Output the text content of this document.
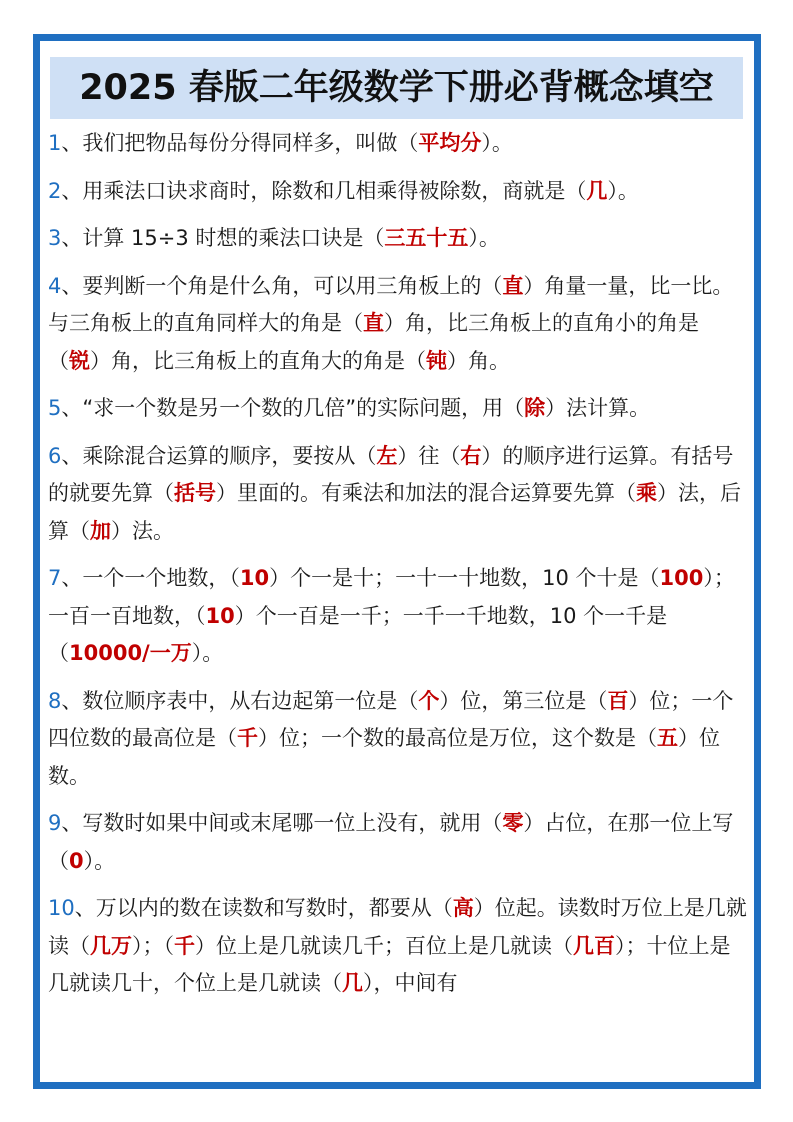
2025 春版二年级数学下册必背概念填空
1、我们把物品每份分得同样多，叫做（平均分）。
2、用乘法口诀求商时，除数和几相乘得被除数，商就是（几）。
3、计算 15÷3 时想的乘法口诀是（三五十五）。
4、要判断一个角是什么角，可以用三角板上的（直）角量一量，比一比。与三角板上的直角同样大的角是（直）角，比三角板上的直角小的角是（锐）角，比三角板上的直角大的角是（钝）角。
5、“求一个数是另一个数的几倍”的实际问题，用（除）法计算。
6、乘除混合运算的顺序，要按从（左）往（右）的顺序进行运算。有括号的就要先算（括号）里面的。有乘法和加法的混合运算要先算（乘）法，后算（加）法。
7、一个一个地数，（10）个一是十；一十一十地数，10 个十是（100）；一百一百地数，（10）个一百是一千；一千一千地数，10 个一千是（10000/一万）。
8、数位顺序表中，从右边起第一位是（个）位，第三位是（百）位；一个四位数的最高位是（千）位；一个数的最高位是万位，这个数是（五）位数。
9、写数时如果中间或末尾哪一位上没有，就用（零）占位，在那一位上写（0）。
10、万以内的数在读数和写数时，都要从（高）位起。读数时万位上是几就读（几万）；（千）位上是几就读几千；百位上是几就读（几百）；十位上是几就读几十，个位上是几就读（几），中间有
